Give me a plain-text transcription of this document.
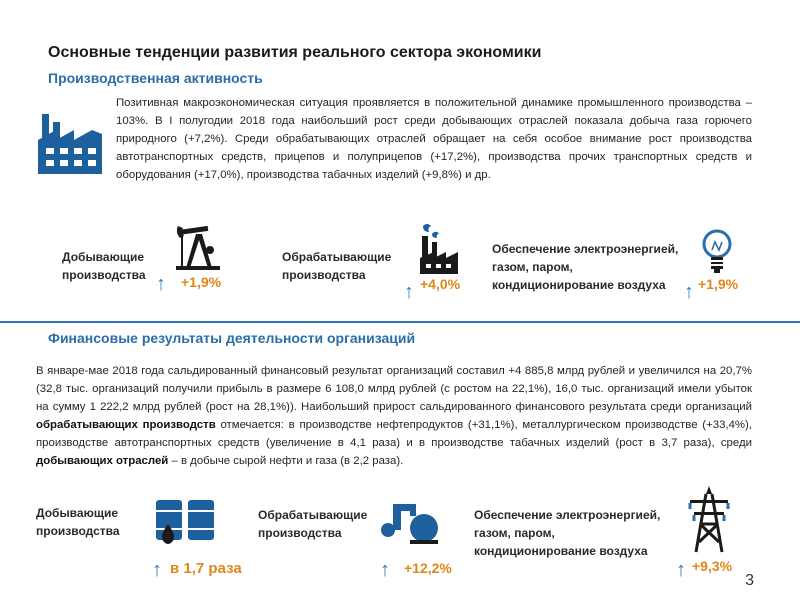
Основные тенденции развития реального сектора экономики
Производственная активность
Позитивная макроэкономическая ситуация проявляется в положительной динамике промышленного производства – 103%. В I полугодии 2018 года наибольший рост среди добывающих отраслей показала добыча газа горючего природного (+7,2%). Среди обрабатывающих отраслей обращает на себя особое внимание рост производства автотранспортных средств, прицепов и полуприцепов (+17,2%), производства прочих транспортных средств и оборудования (+17,0%), производства табачных изделий (+9,8%) и др.
Добывающие
производства ↑ +1,9%
Обрабатывающие
производства
↑ +4,0%
Обеспечение электроэнергией,
газом, паром,
кондиционирование воздуха ↑ +1,9%
Финансовые результаты деятельности организаций
В январе-мае 2018 года сальдированный финансовый результат организаций составил +4 885,8 млрд рублей и увеличился на 20,7% (32,8 тыс. организаций получили прибыль в размере 6 108,0 млрд рублей (с ростом на 22,1%), 16,0 тыс. организаций имели убыток на сумму 1 222,2 млрд рублей (рост на 28,1%)). Наибольший прирост сальдированного финансового результата среди организаций обрабатывающих производств отмечается: в производстве нефтепродуктов (+31,1%), металлургическом производстве (+33,4%), производстве автотранспортных средств (увеличение в 4,1 раза) и в производстве табачных изделий (рост в 3,7 раза), среди добывающих отраслей – в добыче сырой нефти и газа (в 2,2 раза).
Добывающие
производства
↑ в 1,7 раза
Обрабатывающие
производства
↑ +12,2%
Обеспечение электроэнергией,
газом, паром,
кондиционирование воздуха
↑ +9,3%
3
